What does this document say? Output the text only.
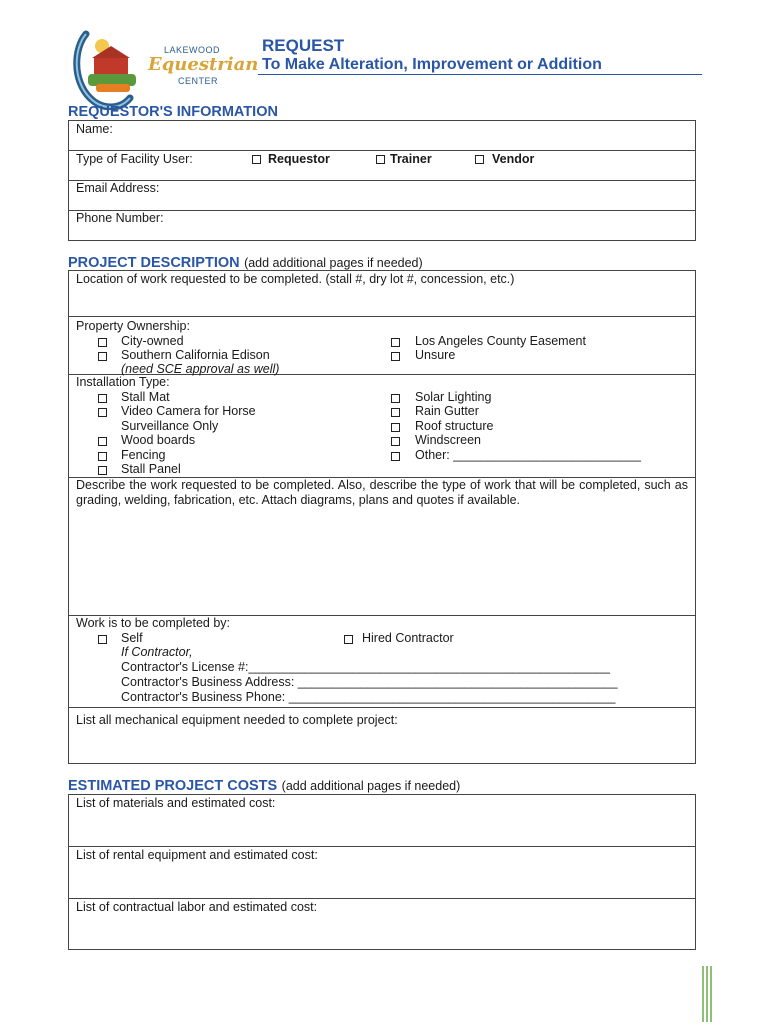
LAKEWOOD
Equestrian
CENTER
REQUEST
To Make Alteration, Improvement or Addition
REQUESTOR'S INFORMATION
Name:
Type of Facility User:	Requestor	Trainer	Vendor
Email Address:
Phone Number:
PROJECT DESCRIPTION (add additional pages if needed)
Location of work requested to be completed. (stall #, dry lot #, concession, etc.)
Property Ownership:
City-owned
Southern California Edison
(need SCE approval as well)
Los Angeles County Easement
Unsure
Installation Type:
Stall Mat
Video Camera for Horse
Surveillance Only
Wood boards
Fencing
Stall Panel
Solar Lighting
Rain Gutter
Roof structure
Windscreen
Other: ___________________________
Describe the work requested to be completed. Also, describe the type of work that will be completed, such as grading, welding, fabrication, etc. Attach diagrams, plans and quotes if available.
Work is to be completed by:
Self	Hired Contractor
If Contractor,
Contractor's License #:____________________________________________________
Contractor's Business Address: ______________________________________________
Contractor's Business Phone: _______________________________________________
List all mechanical equipment needed to complete project:
ESTIMATED PROJECT COSTS (add additional pages if needed)
List of materials and estimated cost:
List of rental equipment and estimated cost:
List of contractual labor and estimated cost:
